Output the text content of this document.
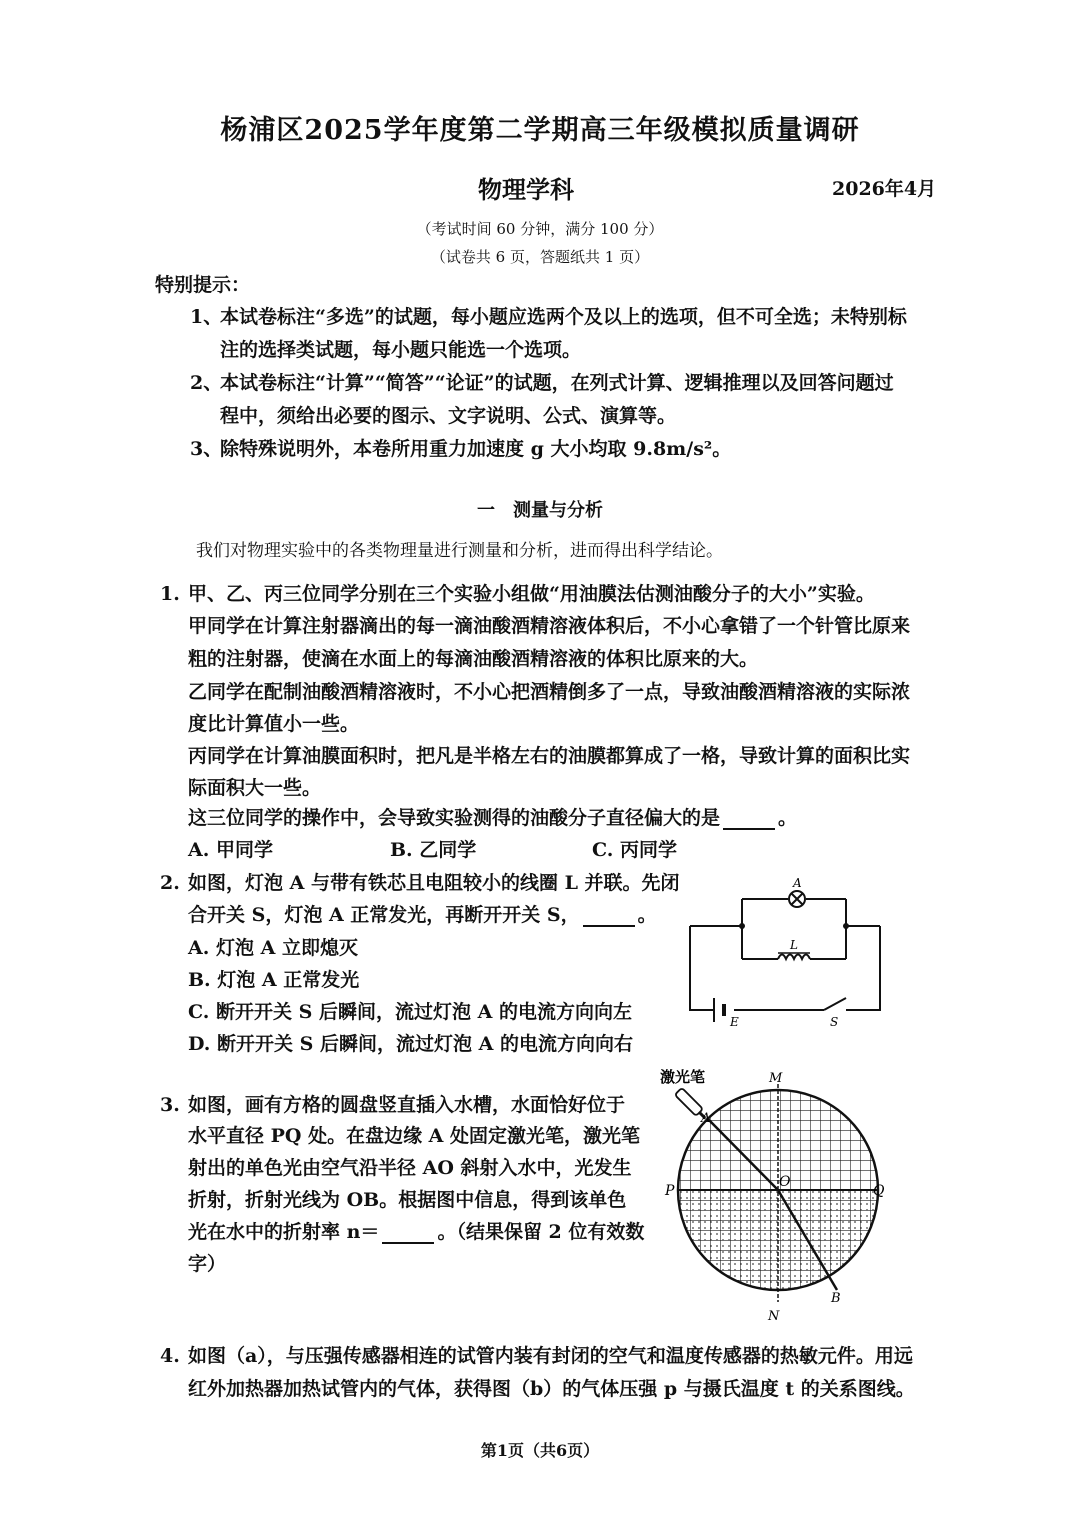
杨浦区2025学年度第二学期高三年级模拟质量调研
物理学科	2026年4月
（考试时间 60 分钟，满分 100 分）
（试卷共 6 页，答题纸共 1 页）
特别提示：
1、
本试卷标注“多选”的试题，每小题应选两个及以上的选项，但不可全选；未特别标
注的选择类试题，每小题只能选一个选项。
2、
本试卷标注“计算”“简答”“论证”的试题，在列式计算、逻辑推理以及回答问题过
程中，须给出必要的图示、文字说明、公式、演算等。
3、
除特殊说明外，本卷所用重力加速度 g 大小均取 9.8m/s²。
一　测量与分析
我们对物理实验中的各类物理量进行测量和分析，进而得出科学结论。
1. 甲、乙、丙三位同学分别在三个实验小组做“用油膜法估测油酸分子的大小”实验。
甲同学在计算注射器滴出的每一滴油酸酒精溶液体积后，不小心拿错了一个针管比原来
粗的注射器，使滴在水面上的每滴油酸酒精溶液的体积比原来的大。
乙同学在配制油酸酒精溶液时，不小心把酒精倒多了一点，导致油酸酒精溶液的实际浓
度比计算值小一些。
丙同学在计算油膜面积时，把凡是半格左右的油膜都算成了一格，导致计算的面积比实
际面积大一些。
这三位同学的操作中，会导致实验测得的油酸分子直径偏大的是	。
A. 甲同学	B. 乙同学	C. 丙同学
2. 如图，灯泡 A 与带有铁芯且电阻较小的线圈 L 并联。先闭
合开关 S，灯泡 A 正常发光，再断开开关 S，	。
A. 灯泡 A 立即熄灭
B. 灯泡 A 正常发光
C. 断开开关 S 后瞬间，流过灯泡 A 的电流方向向左
D. 断开开关 S 后瞬间，流过灯泡 A 的电流方向向右
A
L
E	S
3. 如图，画有方格的圆盘竖直插入水槽，水面恰好位于
水平直径 PQ 处。在盘边缘 A 处固定激光笔，激光笔
射出的单色光由空气沿半径 AO 斜射入水中，光发生
折射，折射光线为 OB。根据图中信息，得到该单色
光在水中的折射率 n＝	。（结果保留 2 位有效数
字）
激光笔	M
N
P	Q
O
A
B
4. 如图（a），与压强传感器相连的试管内装有封闭的空气和温度传感器的热敏元件。用远
红外加热器加热试管内的气体，获得图（b）的气体压强 p 与摄氏温度 t 的关系图线。
第1页（共6页）
